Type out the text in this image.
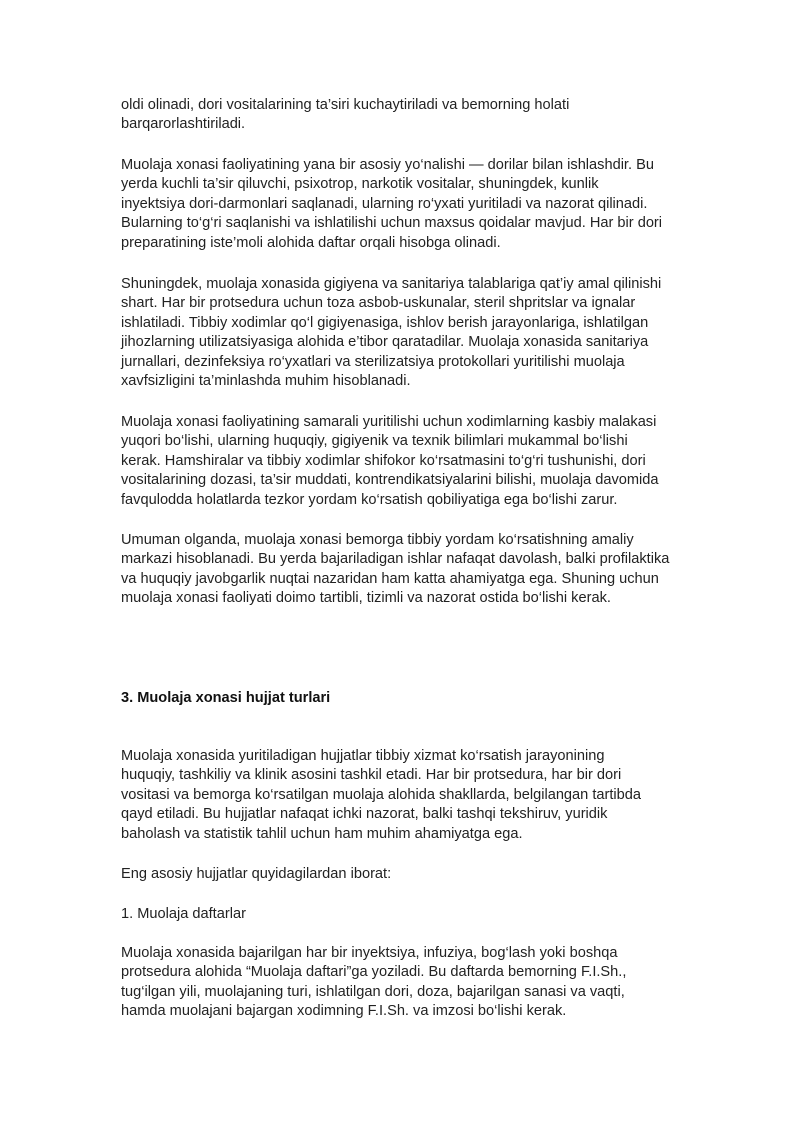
oldi olinadi, dori vositalarining ta’siri kuchaytiriladi va bemorning holati
barqarorlashtiriladi.

Muolaja xonasi faoliyatining yana bir asosiy yo‘nalishi — dorilar bilan ishlashdir. Bu
yerda kuchli ta’sir qiluvchi, psixotrop, narkotik vositalar, shuningdek, kunlik
inyektsiya dori-darmonlari saqlanadi, ularning ro‘yxati yuritiladi va nazorat qilinadi.
Bularning to‘g‘ri saqlanishi va ishlatilishi uchun maxsus qoidalar mavjud. Har bir dori
preparatining iste’moli alohida daftar orqali hisobga olinadi.

Shuningdek, muolaja xonasida gigiyena va sanitariya talablariga qat’iy amal qilinishi
shart. Har bir protsedura uchun toza asbob-uskunalar, steril shpritslar va ignalar
ishlatiladi. Tibbiy xodimlar qo‘l gigiyenasiga, ishlov berish jarayonlariga, ishlatilgan
jihozlarning utilizatsiyasiga alohida e’tibor qaratadilar. Muolaja xonasida sanitariya
jurnallari, dezinfeksiya ro‘yxatlari va sterilizatsiya protokollari yuritilishi muolaja
xavfsizligini ta’minlashda muhim hisoblanadi.

Muolaja xonasi faoliyatining samarali yuritilishi uchun xodimlarning kasbiy malakasi
yuqori bo‘lishi, ularning huquqiy, gigiyenik va texnik bilimlari mukammal bo‘lishi
kerak. Hamshiralar va tibbiy xodimlar shifokor ko‘rsatmasini to‘g‘ri tushunishi, dori
vositalarining dozasi, ta’sir muddati, kontrendikatsiyalarini bilishi, muolaja davomida
favqulodda holatlarda tezkor yordam ko‘rsatish qobiliyatiga ega bo‘lishi zarur.

Umuman olganda, muolaja xonasi bemorga tibbiy yordam ko‘rsatishning amaliy
markazi hisoblanadi. Bu yerda bajariladigan ishlar nafaqat davolash, balki profilaktika
va huquqiy javobgarlik nuqtai nazaridan ham katta ahamiyatga ega. Shuning uchun
muolaja xonasi faoliyati doimo tartibli, tizimli va nazorat ostida bo‘lishi kerak.

3. Muolaja xonasi hujjat turlari

Muolaja xonasida yuritiladigan hujjatlar tibbiy xizmat ko‘rsatish jarayonining
huquqiy, tashkiliy va klinik asosini tashkil etadi. Har bir protsedura, har bir dori
vositasi va bemorga ko‘rsatilgan muolaja alohida shakllarda, belgilangan tartibda
qayd etiladi. Bu hujjatlar nafaqat ichki nazorat, balki tashqi tekshiruv, yuridik
baholash va statistik tahlil uchun ham muhim ahamiyatga ega.

Eng asosiy hujjatlar quyidagilardan iborat:

1. Muolaja daftarlar

Muolaja xonasida bajarilgan har bir inyektsiya, infuziya, bog‘lash yoki boshqa
protsedura alohida “Muolaja daftari”ga yoziladi. Bu daftarda bemorning F.I.Sh.,
tug‘ilgan yili, muolajaning turi, ishlatilgan dori, doza, bajarilgan sanasi va vaqti,
hamda muolajani bajargan xodimning F.I.Sh. va imzosi bo‘lishi kerak.
